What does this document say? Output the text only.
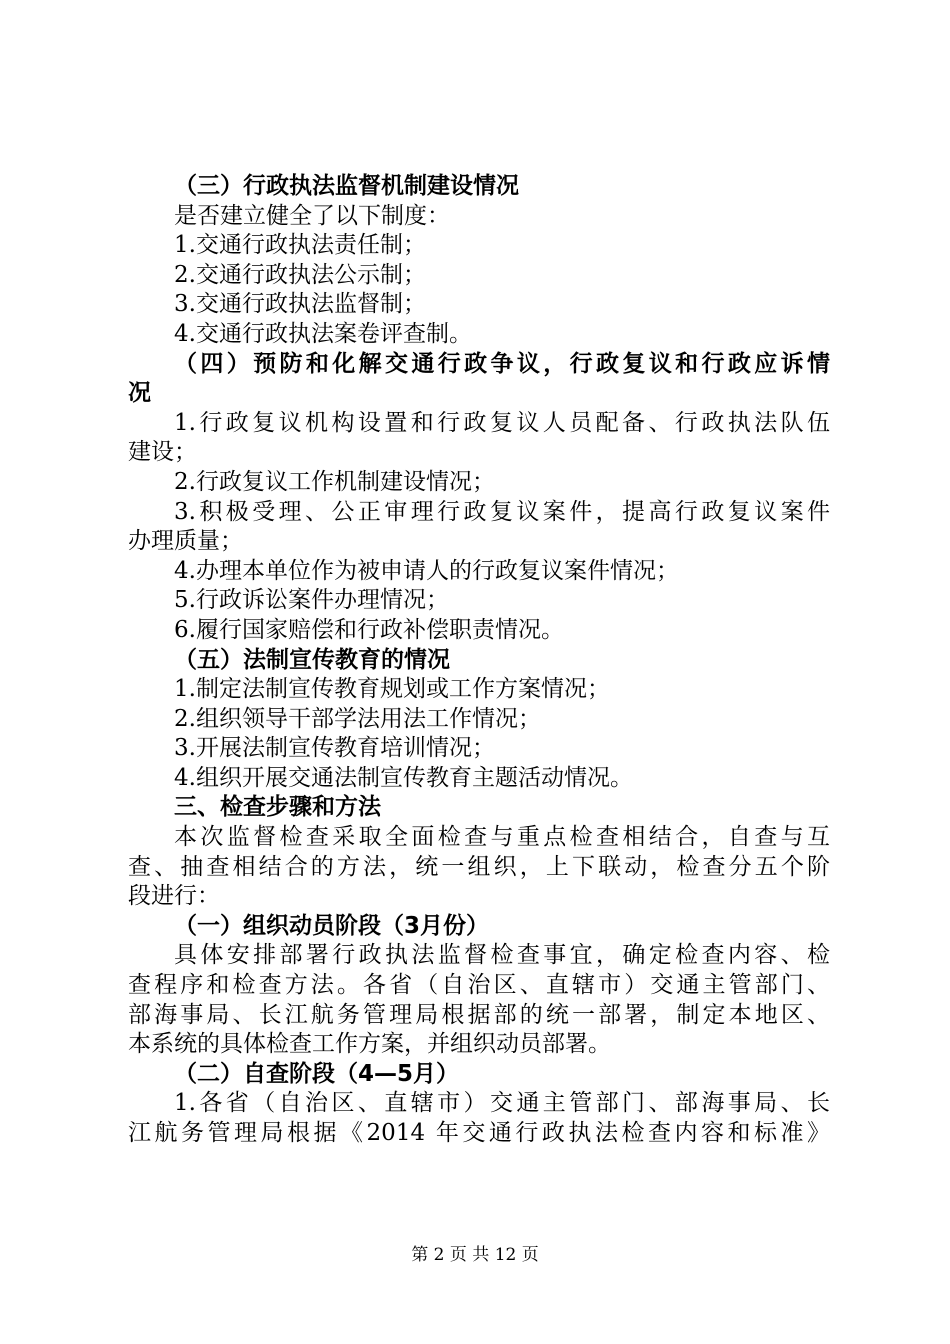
（三）行政执法监督机制建设情况
是否建立健全了以下制度：
1.交通行政执法责任制；
2.交通行政执法公示制；
3.交通行政执法监督制；
4.交通行政执法案卷评查制。
（四）预防和化解交通行政争议，行政复议和行政应诉情
况
1.行政复议机构设置和行政复议人员配备、行政执法队伍
建设；
2.行政复议工作机制建设情况；
3.积极受理、公正审理行政复议案件，提高行政复议案件
办理质量；
4.办理本单位作为被申请人的行政复议案件情况；
5.行政诉讼案件办理情况；
6.履行国家赔偿和行政补偿职责情况。
（五）法制宣传教育的情况
1.制定法制宣传教育规划或工作方案情况；
2.组织领导干部学法用法工作情况；
3.开展法制宣传教育培训情况；
4.组织开展交通法制宣传教育主题活动情况。
三、检查步骤和方法
本次监督检查采取全面检查与重点检查相结合，自查与互
查、抽查相结合的方法，统一组织，上下联动，检查分五个阶
段进行：
（一）组织动员阶段（3月份）
具体安排部署行政执法监督检查事宜，确定检查内容、检
查程序和检查方法。各省（自治区、直辖市）交通主管部门、
部海事局、长江航务管理局根据部的统一部署，制定本地区、
本系统的具体检查工作方案，并组织动员部署。
（二）自查阶段（4—5月）
1.各省（自治区、直辖市）交通主管部门、部海事局、长
江航务管理局根据《2014 年交通行政执法检查内容和标准》
第 2 页 共 12 页
